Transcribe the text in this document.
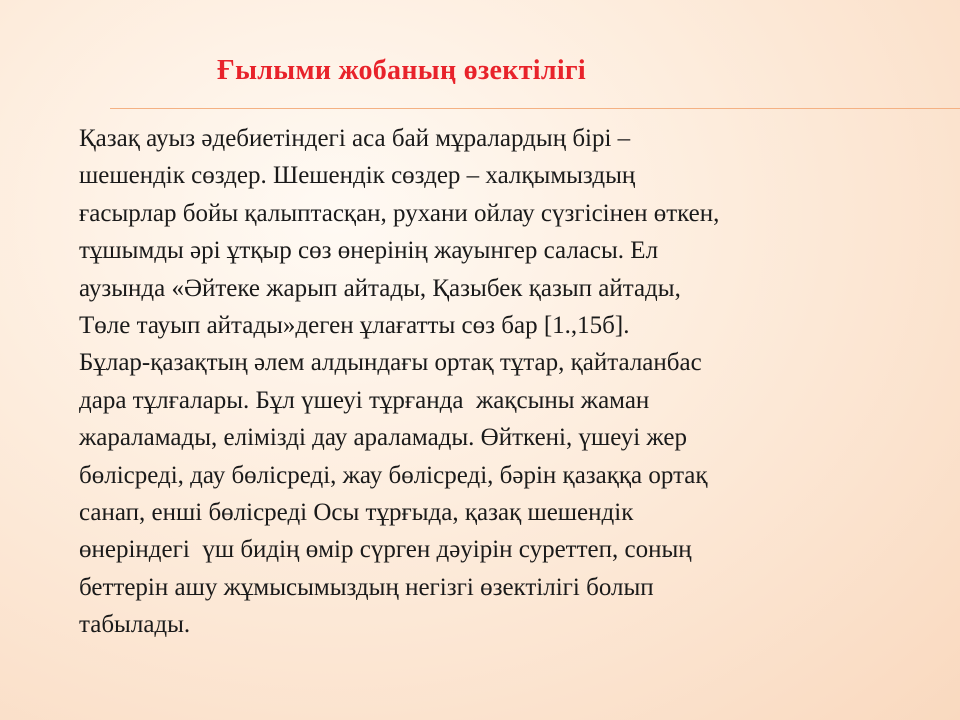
Ғылыми жобаның өзектілігі

Қазақ ауыз әдебиетіндегі аса бай мұралардың бірі –
шешендік сөздер. Шешендік сөздер – халқымыздың
ғасырлар бойы қалыптасқан, рухани ойлау сүзгісінен өткен,
тұшымды әрі ұтқыр сөз өнерінің жауынгер саласы. Ел
аузында «Әйтеке жарып айтады, Қазыбек қазып айтады,
Төле тауып айтады»деген ұлағатты сөз бар [1.,15б].
Бұлар-қазақтың әлем алдындағы ортақ тұтар, қайталанбас
дара тұлғалары. Бұл үшеуі тұрғанда  жақсыны жаман
жараламады, елімізді дау араламады. Өйткені, үшеуі жер
бөлісреді, дау бөлісреді, жау бөлісреді, бәрін қазаққа ортақ
санап, енші бөлісреді Осы тұрғыда, қазақ шешендік
өнеріндегі  үш бидің өмір сүрген дәуірін суреттеп, соның
беттерін ашу жұмысымыздың негізгі өзектілігі болып
табылады.
